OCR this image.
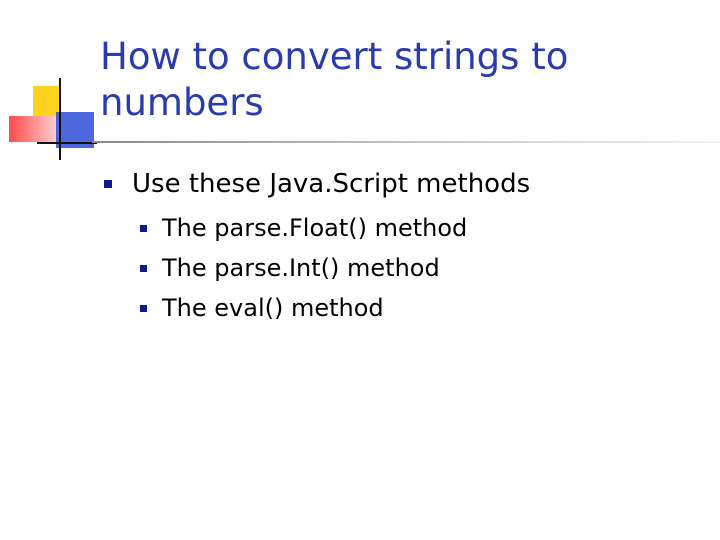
How to convert strings to numbers
Use these Java.Script methods
The parse.Float() method
The parse.Int() method
The eval() method
